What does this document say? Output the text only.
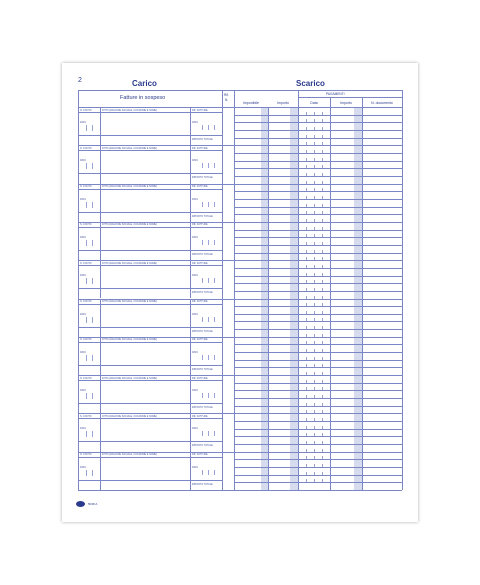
2	Carico	Scarico
Fatture in sospeso	Rif.
N.
PAGAMENTI
Imponibile	Importo	Data	Importo	N. documento
N. CONTO	DITTA (RAGIONE SOCIALE, COGNOME E NOME)	RIF. FATTURE
DATA	DATA
IMPORTO TOTALE
N. CONTO	DITTA (RAGIONE SOCIALE, COGNOME E NOME)	RIF. FATTURE
DATA	DATA
IMPORTO TOTALE
N. CONTO	DITTA (RAGIONE SOCIALE, COGNOME E NOME)	RIF. FATTURE
DATA	DATA
IMPORTO TOTALE
N. CONTO	DITTA (RAGIONE SOCIALE, COGNOME E NOME)	RIF. FATTURE
DATA	DATA
IMPORTO TOTALE
N. CONTO	DITTA (RAGIONE SOCIALE, COGNOME E NOME)	RIF. FATTURE
DATA	DATA
IMPORTO TOTALE
N. CONTO	DITTA (RAGIONE SOCIALE, COGNOME E NOME)	RIF. FATTURE
DATA	DATA
IMPORTO TOTALE
N. CONTO	DITTA (RAGIONE SOCIALE, COGNOME E NOME)	RIF. FATTURE
DATA	DATA
IMPORTO TOTALE
N. CONTO	DITTA (RAGIONE SOCIALE, COGNOME E NOME)	RIF. FATTURE
DATA	DATA
IMPORTO TOTALE
N. CONTO	DITTA (RAGIONE SOCIALE, COGNOME E NOME)	RIF. FATTURE
DATA	DATA
IMPORTO TOTALE
N. CONTO	DITTA (RAGIONE SOCIALE, COGNOME E NOME)	RIF. FATTURE
DATA	DATA
IMPORTO TOTALE
5038 A
